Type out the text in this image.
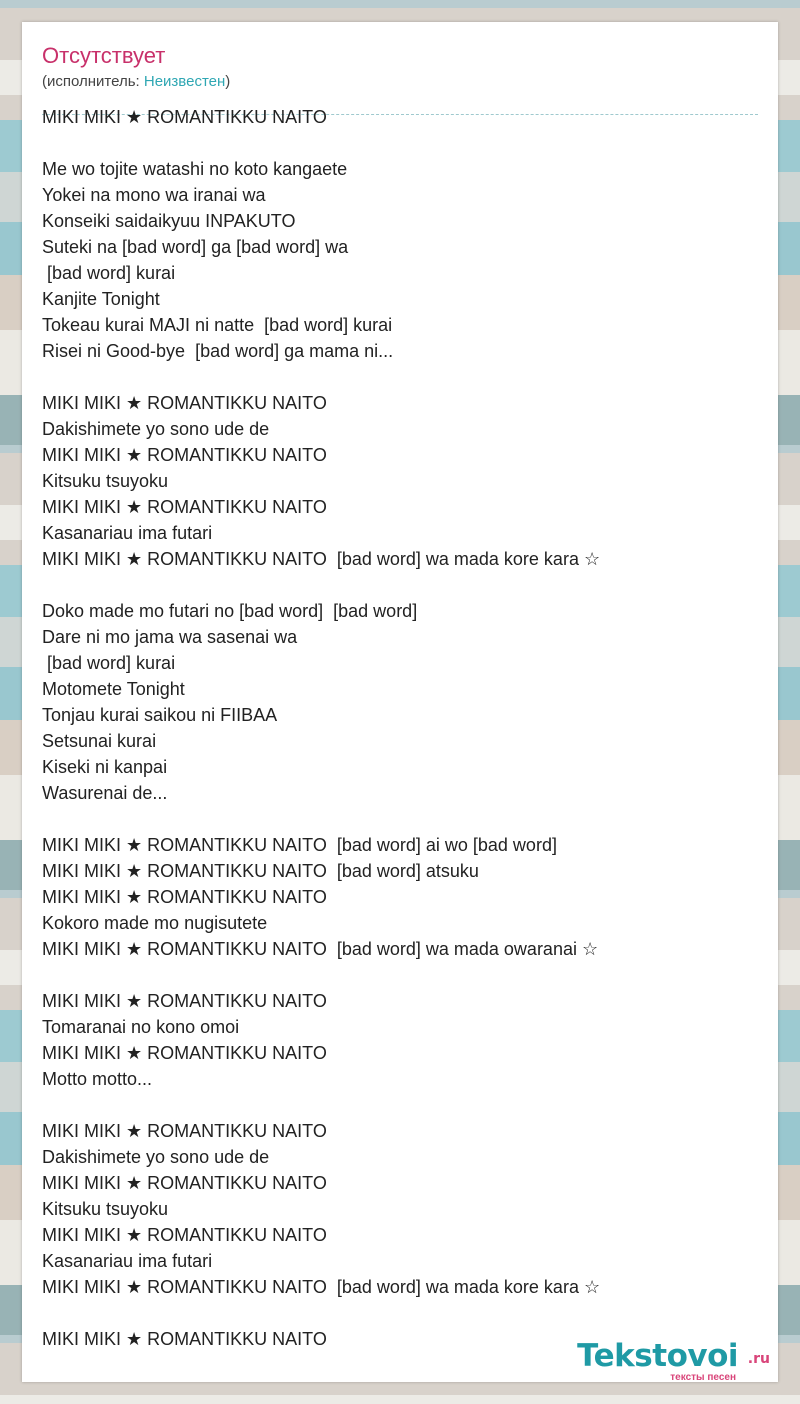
Отсутствует
(исполнитель: Неизвестен)
MIKI MIKI ★ ROMANTIKKU NAITO
Me wo tojite watashi no koto kangaete
Yokei na mono wa iranai wa
Konseiki saidaikyuu INPAKUTO
Suteki na [bad word] ga [bad word] wa
[bad word] kurai
Kanjite Tonight
Tokeau kurai MAJI ni natte  [bad word] kurai
Risei ni Good-bye  [bad word] ga mama ni...
MIKI MIKI ★ ROMANTIKKU NAITO
Dakishimete yo sono ude de
MIKI MIKI ★ ROMANTIKKU NAITO
Kitsuku tsuyoku
MIKI MIKI ★ ROMANTIKKU NAITO
Kasanariau ima futari
MIKI MIKI ★ ROMANTIKKU NAITO  [bad word] wa mada kore kara ☆
Doko made mo futari no [bad word]  [bad word]
Dare ni mo jama wa sasenai wa
[bad word] kurai
Motomete Tonight
Tonjau kurai saikou ni FIIBAA
Setsunai kurai
Kiseki ni kanpai
Wasurenai de...
MIKI MIKI ★ ROMANTIKKU NAITO  [bad word] ai wo [bad word]
MIKI MIKI ★ ROMANTIKKU NAITO  [bad word] atsuku
MIKI MIKI ★ ROMANTIKKU NAITO
Kokoro made mo nugisutete
MIKI MIKI ★ ROMANTIKKU NAITO  [bad word] wa mada owaranai ☆
MIKI MIKI ★ ROMANTIKKU NAITO
Tomaranai no kono omoi
MIKI MIKI ★ ROMANTIKKU NAITO
Motto motto...
MIKI MIKI ★ ROMANTIKKU NAITO
Dakishimete yo sono ude de
MIKI MIKI ★ ROMANTIKKU NAITO
Kitsuku tsuyoku
MIKI MIKI ★ ROMANTIKKU NAITO
Kasanariau ima futari
MIKI MIKI ★ ROMANTIKKU NAITO  [bad word] wa mada kore kara ☆
MIKI MIKI ★ ROMANTIKKU NAITO	Tekstovoi .ru
тексты песен
